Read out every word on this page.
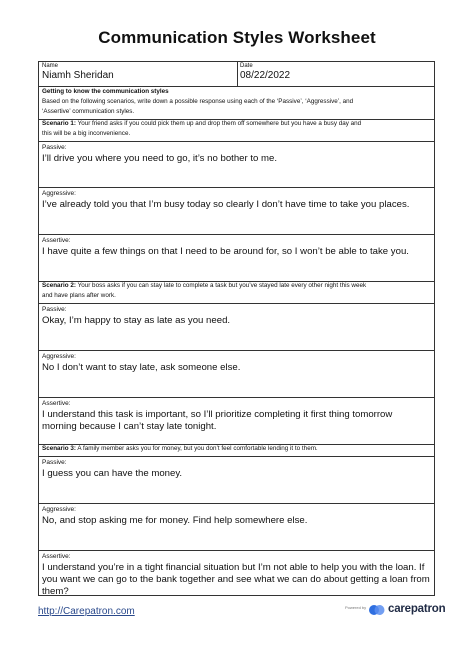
Communication Styles Worksheet
Name
Niamh Sheridan
Date
08/22/2022
Getting to know the communication styles
Based on the following scenarios, write down a possible response using each of the ‘Passive’, ‘Aggressive’, and
‘Assertive’ communication styles.
Scenario 1: Your friend asks if you could pick them up and drop them off somewhere but you have a busy day and
this will be a big inconvenience.
Passive:
I’ll drive you where you need to go, it’s no bother to me.
Aggressive:
I’ve already told you that I’m busy today so clearly I don’t have time to take you places.
Assertive:
I have quite a few things on that I need to be around for, so I won’t be able to take you.
Scenario 2: Your boss asks if you can stay late to complete a task but you’ve stayed late every other night this week
and have plans after work.
Passive:
Okay, I’m happy to stay as late as you need.
Aggressive:
No I don’t want to stay late, ask someone else.
Assertive:
I understand this task is important, so I’ll prioritize completing it first thing tomorrow
morning because I can’t stay late tonight.
Scenario 3: A family member asks you for money, but you don’t feel comfortable lending it to them.
Passive:
I guess you can have the money.
Aggressive:
No, and stop asking me for money. Find help somewhere else.
Assertive:
I understand you’re in a tight financial situation but I’m not able to help you with the loan. If
you want we can go to the bank together and see what we can do about getting a loan from
them?
http://Carepatron.com	Powered by carepatron
